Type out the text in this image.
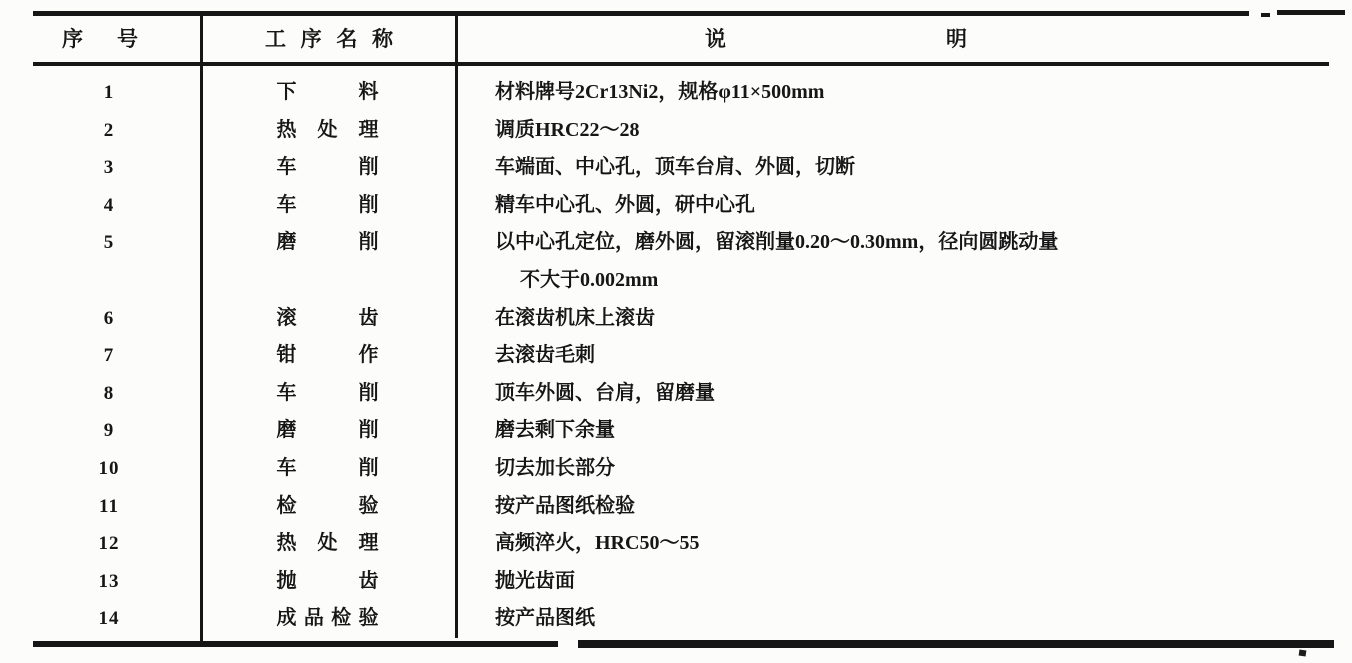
序 号	工 序 名 称	说 明
1	下 料	材料牌号2Cr13Ni2，规格φ11×500mm
2	热 处 理	调质HRC22～28
3	车 削	车端面、中心孔，顶车台肩、外圆，切断
4	车 削	精车中心孔、外圆，研中心孔
5	磨 削	以中心孔定位，磨外圆，留滚削量0.20～0.30mm，径向圆跳动量
不大于0.002mm
6	滚 齿	在滚齿机床上滚齿
7	钳 作	去滚齿毛刺
8	车 削	顶车外圆、台肩，留磨量
9	磨 削	磨去剩下余量
10	车 削	切去加长部分
11	检 验	按产品图纸检验
12	热 处 理	高频淬火，HRC50～55
13	抛 齿	抛光齿面
14	成品检验	按产品图纸
